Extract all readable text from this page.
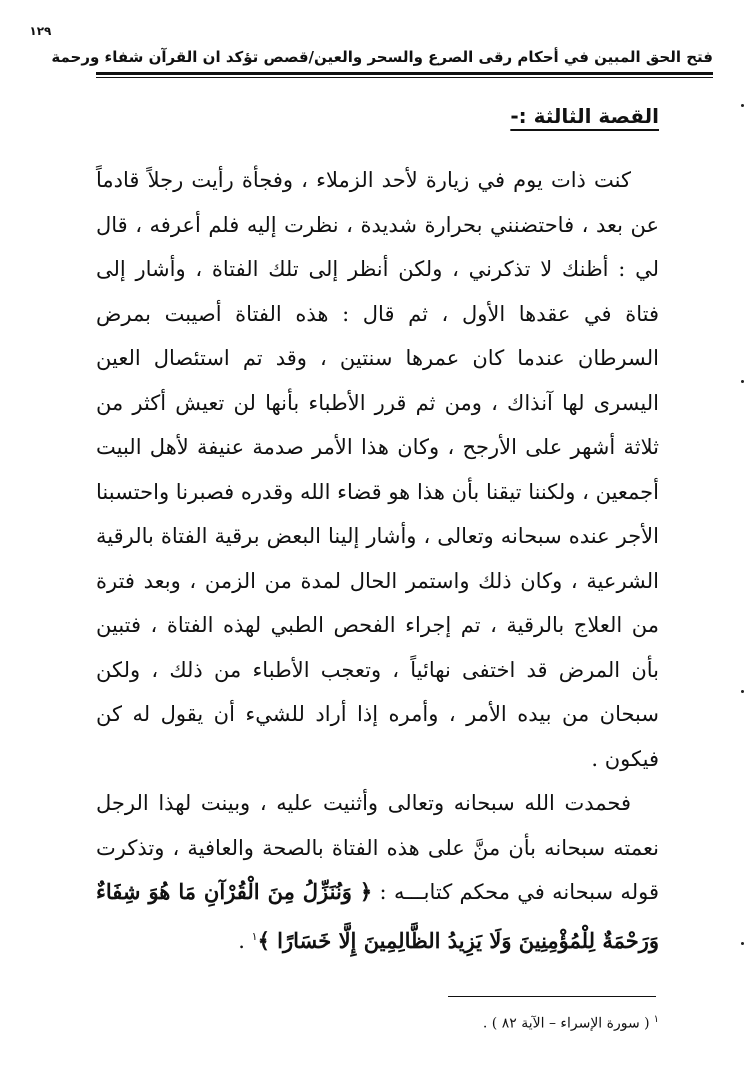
فتح الحق المبين في أحكام رقى الصرع والسحر والعين/قصص تؤكد ان القرآن شفاء ورحمة
١٢٩
القصة الثالثة :-

كنت ذات يوم في زيارة لأحد الزملاء ، وفجأة رأيت رجلاً قادماً عن بعد ، فاحتضنني بحرارة شديدة ، نظرت إليه فلم أعرفه ، قال لي : أظنك لا تذكرني ، ولكن أنظر إلى تلك الفتاة ، وأشار إلى فتاة في عقدها الأول ، ثم قال : هذه الفتاة أصيبت بمرض السرطان عندما كان عمرها سنتين ، وقد تم استئصال العين اليسرى لها آنذاك ، ومن ثم قرر الأطباء بأنها لن تعيش أكثر من ثلاثة أشهر على الأرجح ، وكان هذا الأمر صدمة عنيفة لأهل البيت أجمعين ، ولكننا تيقنا بأن هذا هو قضاء الله وقدره فصبرنا واحتسبنا الأجر عنده سبحانه وتعالى ، وأشار إلينا البعض برقية الفتاة بالرقية الشرعية ، وكان ذلك واستمر الحال لمدة من الزمن ، وبعد فترة من العلاج بالرقية ، تم إجراء الفحص الطبي لهذه الفتاة ، فتبين بأن المرض قد اختفى نهائياً ، وتعجب الأطباء من ذلك ، ولكن سبحان من بيده الأمر ، وأمره إذا أراد للشيء أن يقول له كن فيكون .

فحمدت الله سبحانه وتعالى وأثنيت عليه ، وبينت لهذا الرجل نعمته سبحانه بأن منَّ على هذه الفتاة بالصحة والعافية ، وتذكرت قوله سبحانه في محكم كتابـــه : ﴿ وَنُنَزِّلُ مِنَ الْقُرْآنِ مَا هُوَ شِفَاءٌ وَرَحْمَةٌ لِلْمُؤْمِنِينَ وَلَا يَزِيدُ الظَّالِمِينَ إِلَّا خَسَارًا ﴾$^١$ .

$^١$( سورة الإسراء – الآية ٨٢ ) .
